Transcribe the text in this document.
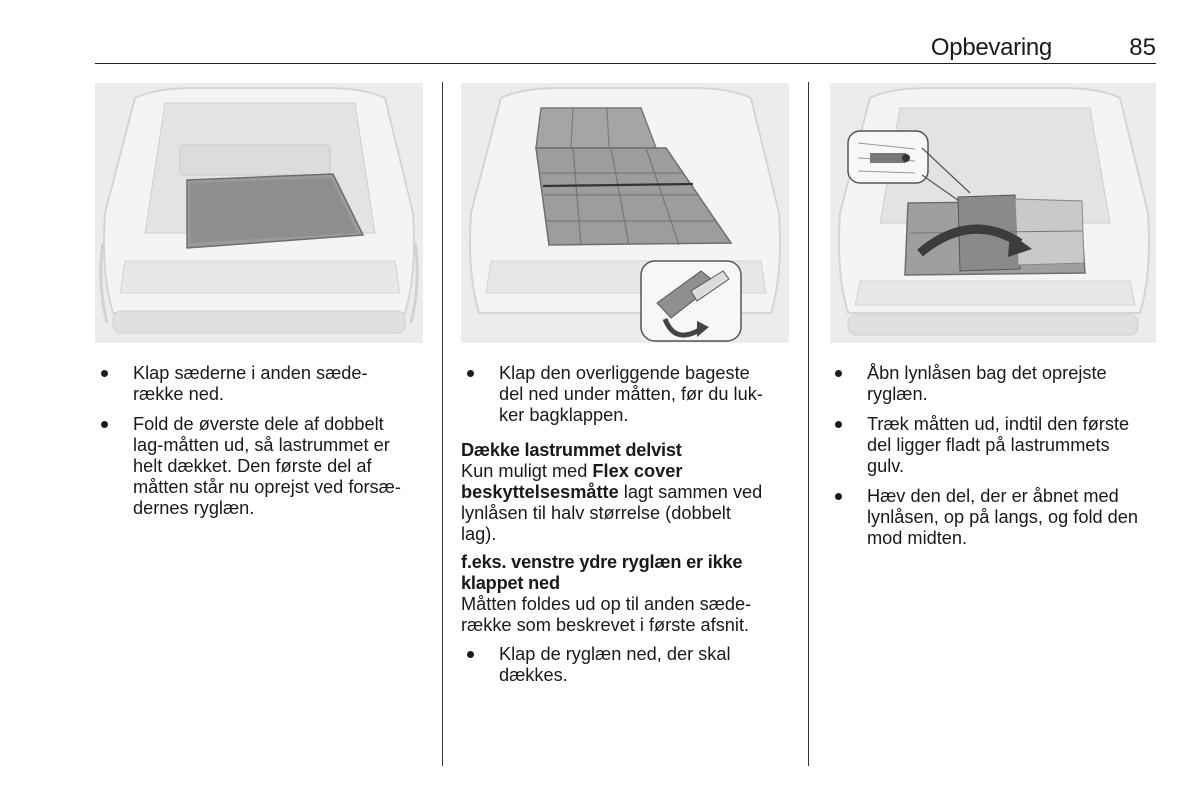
Opbevaring	85
Klap sæderne i anden sæde-
række ned.
Fold de øverste dele af dobbelt
lag-måtten ud, så lastrummet er
helt dækket. Den første del af
måtten står nu oprejst ved forsæ-
dernes ryglæn.
Klap den overliggende bageste
del ned under måtten, før du luk-
ker bagklappen.
Dække lastrummet delvist
Kun muligt med Flex cover
beskyttelsesmåtte lagt sammen ved
lynlåsen til halv størrelse (dobbelt
lag).
f.eks. venstre ydre ryglæn er ikke
klappet ned
Måtten foldes ud op til anden sæde-
række som beskrevet i første afsnit.
Klap de ryglæn ned, der skal
dækkes.
Åbn lynlåsen bag det oprejste
ryglæn.
Træk måtten ud, indtil den første
del ligger fladt på lastrummets
gulv.
Hæv den del, der er åbnet med
lynlåsen, op på langs, og fold den
mod midten.
